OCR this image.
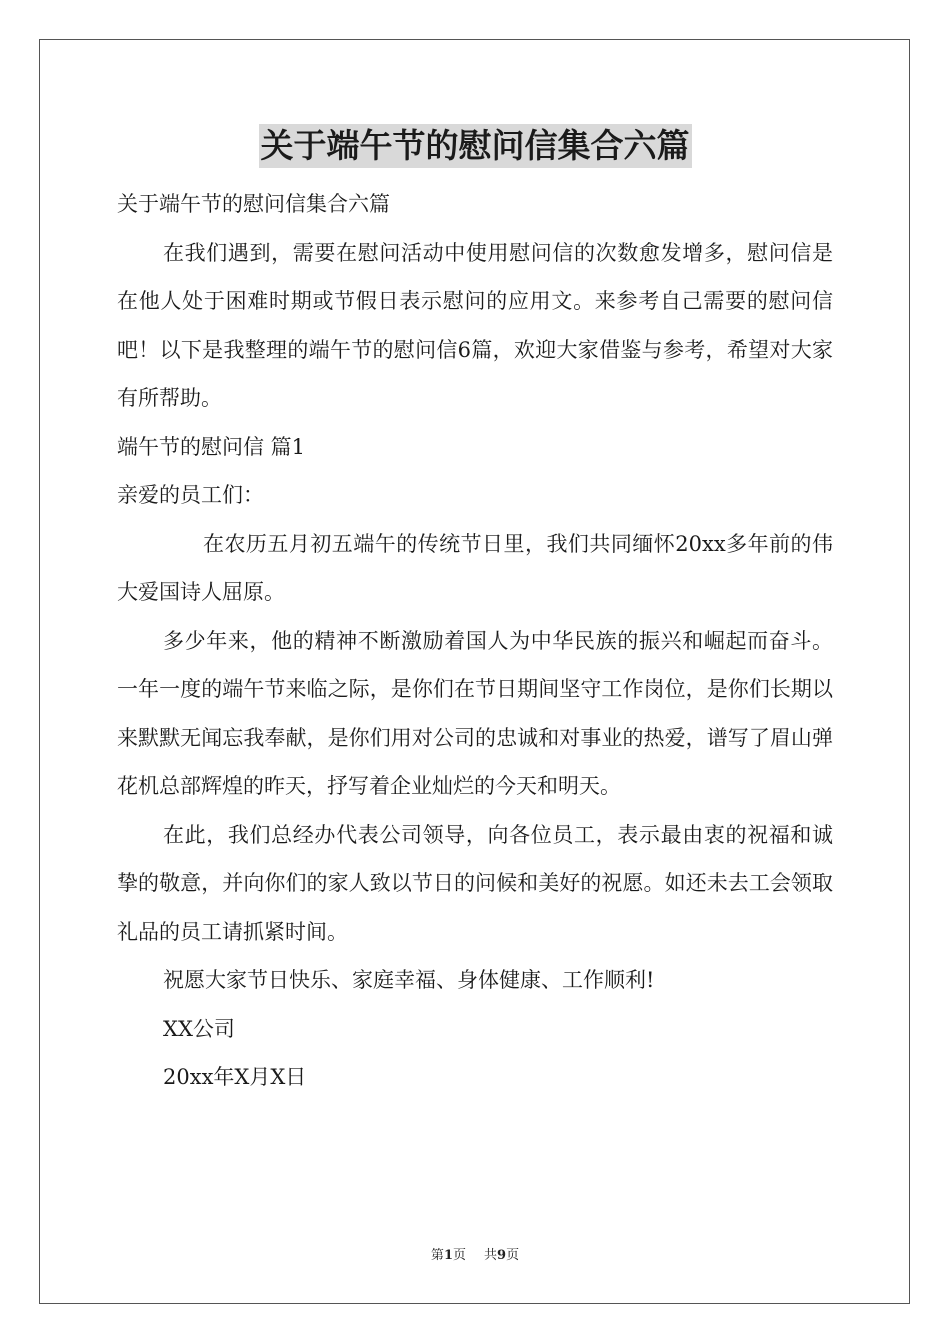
关于端午节的慰问信集合六篇

关于端午节的慰问信集合六篇

在我们遇到，需要在慰问活动中使用慰问信的次数愈发增多，慰问信是在他人处于困难时期或节假日表示慰问的应用文。来参考自己需要的慰问信吧！以下是我整理的端午节的慰问信6篇，欢迎大家借鉴与参考，希望对大家有所帮助。

端午节的慰问信 篇1

亲爱的员工们：

在农历五月初五端午的传统节日里，我们共同缅怀20xx多年前的伟大爱国诗人屈原。

多少年来，他的精神不断激励着国人为中华民族的振兴和崛起而奋斗。 一年一度的端午节来临之际，是你们在节日期间坚守工作岗位，是你们长期以来默默无闻忘我奉献，是你们用对公司的忠诚和对事业的热爱，谱写了眉山弹花机总部辉煌的昨天，抒写着企业灿烂的今天和明天。

在此，我们总经办代表公司领导，向各位员工，表示最由衷的祝福和诚挚的敬意，并向你们的家人致以节日的问候和美好的祝愿。如还未去工会领取礼品的员工请抓紧时间。

祝愿大家节日快乐、家庭幸福、身体健康、工作顺利!

XX公司

20xx年X月X日

第1页 共9页
